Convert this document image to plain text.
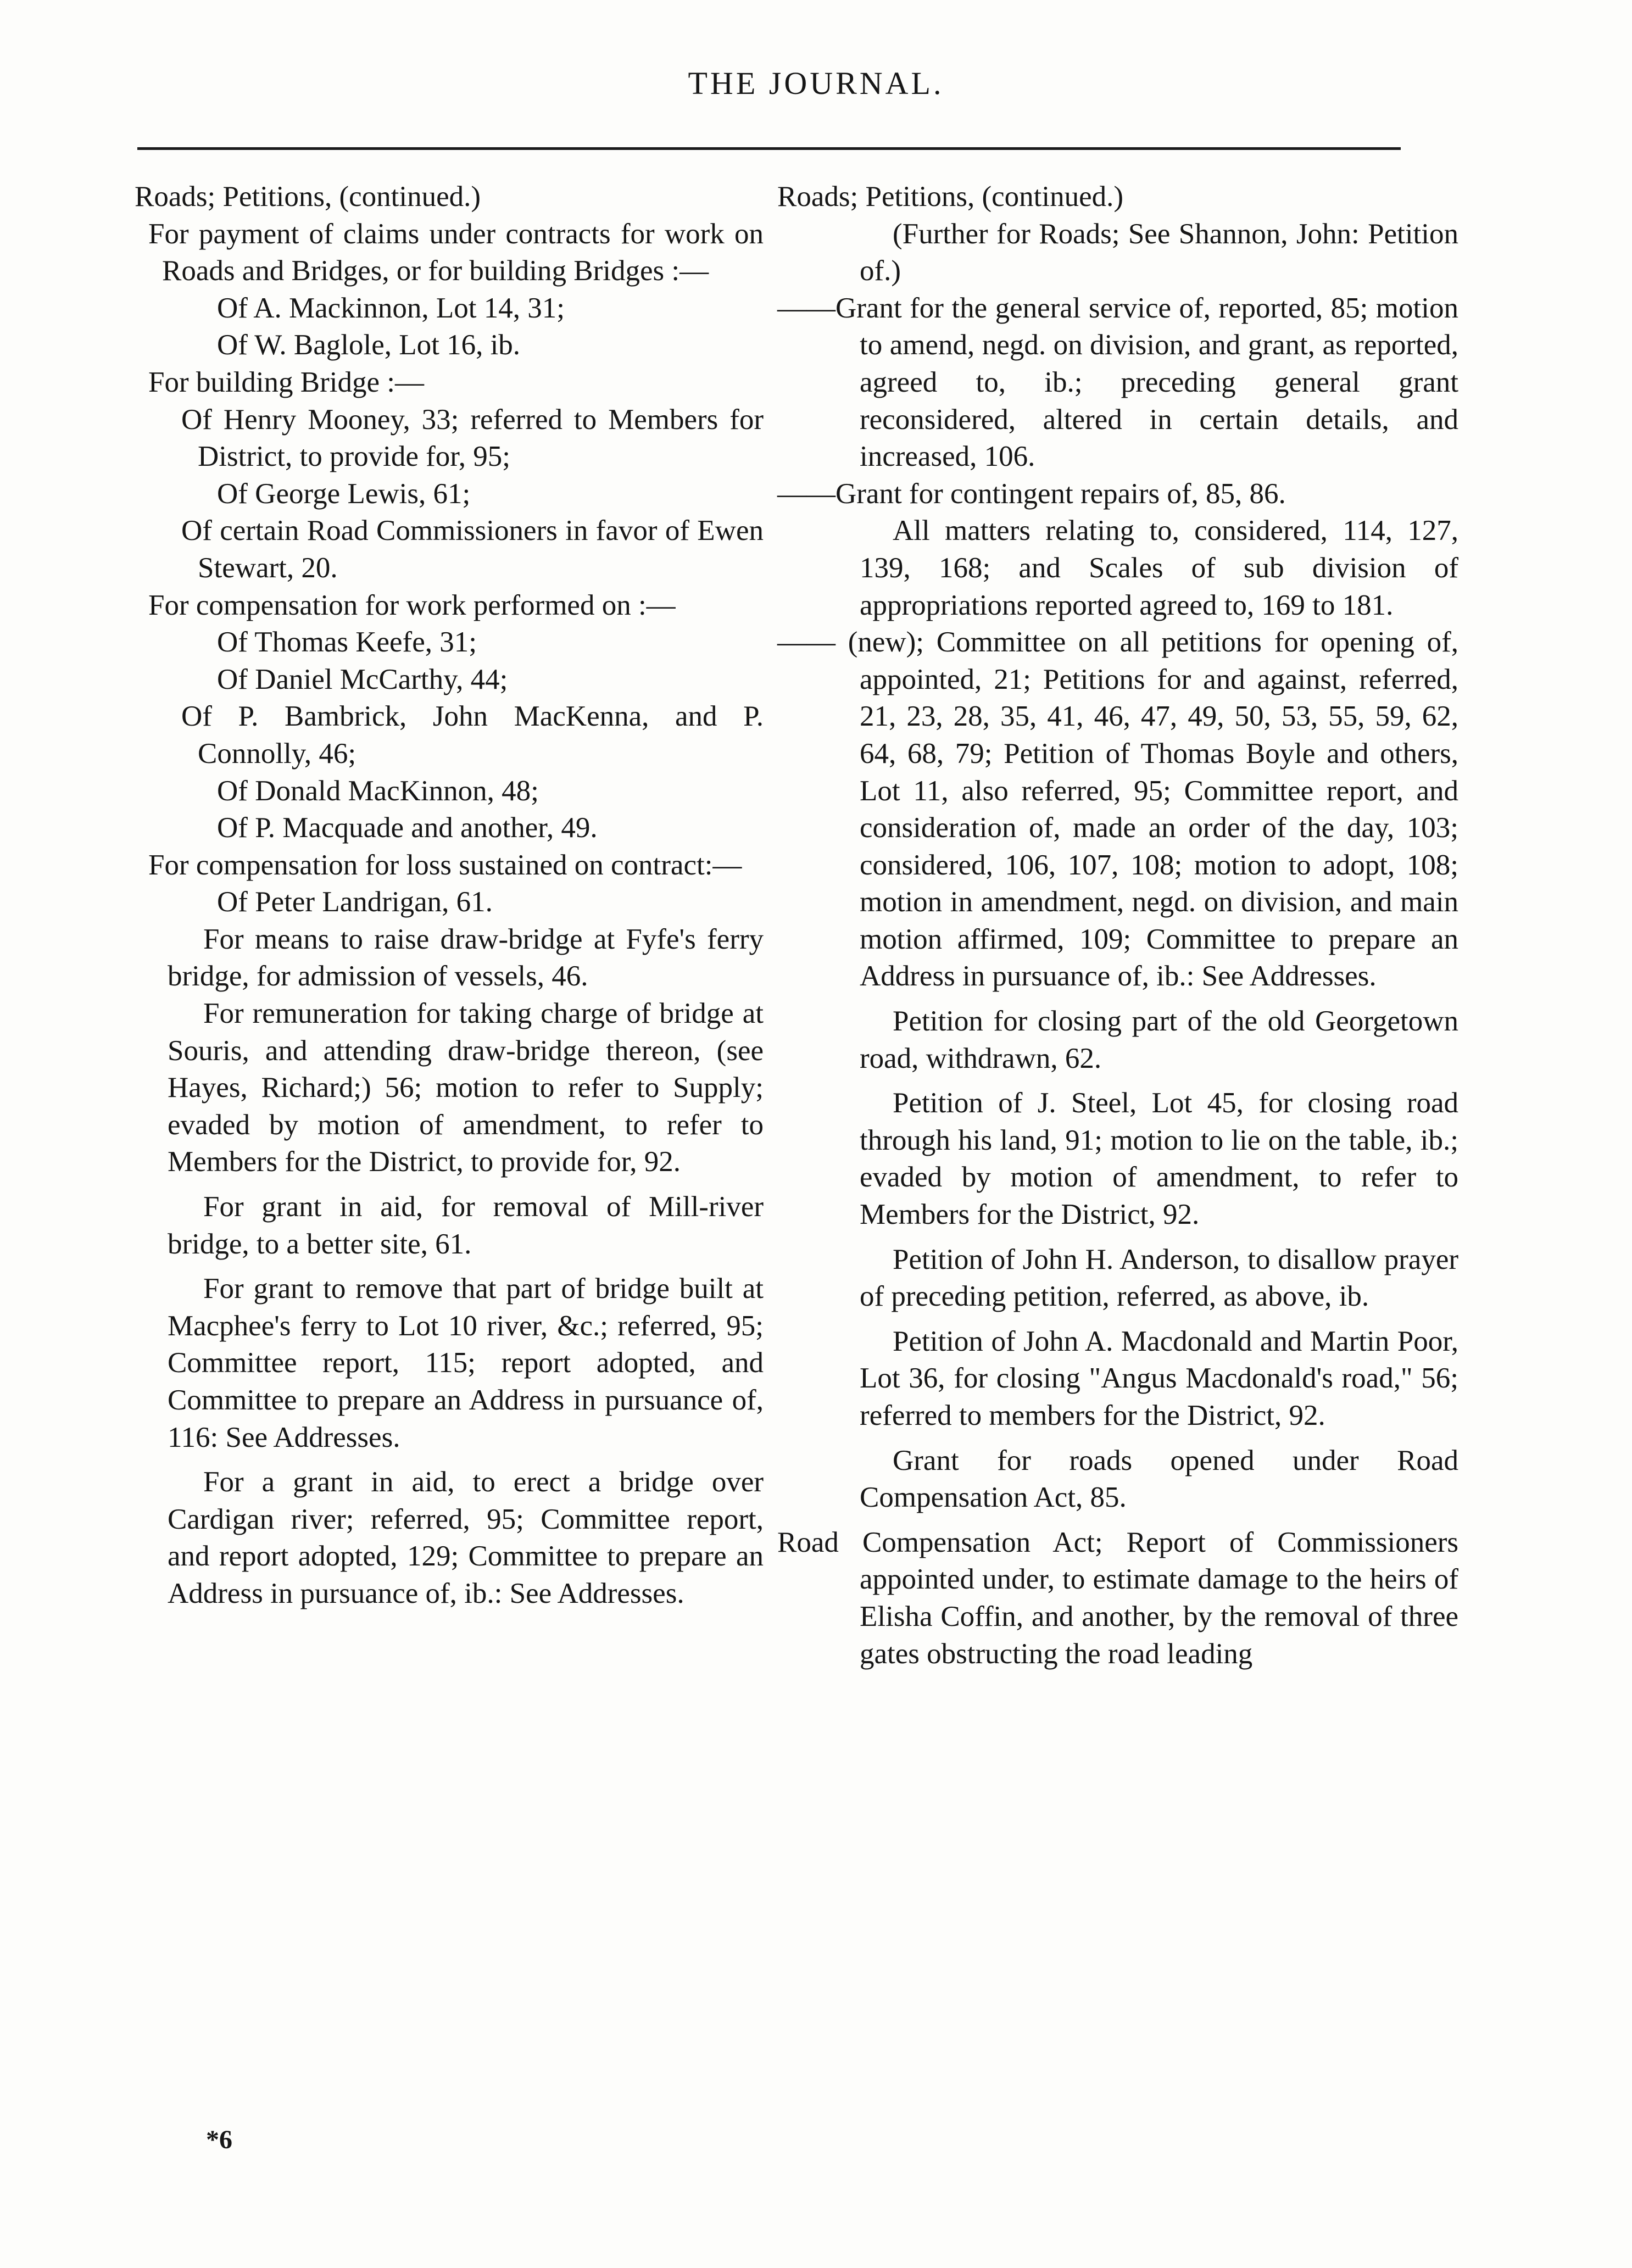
THE JOURNAL.

Roads; Petitions, (continued.)

For payment of claims under contracts for work on Roads and Bridges, or for building Bridges :—

Of A. Mackinnon, Lot 14, 31;

Of W. Baglole, Lot 16, ib.

For building Bridge :—

Of Henry Mooney, 33; referred to Members for District, to provide for, 95;

Of George Lewis, 61;

Of certain Road Commissioners in favor of Ewen Stewart, 20.

For compensation for work performed on :—

Of Thomas Keefe, 31;

Of Daniel McCarthy, 44;

Of P. Bambrick, John MacKenna, and P. Connolly, 46;

Of Donald MacKinnon, 48;

Of P. Macquade and another, 49.

For compensation for loss sustained on contract:—

Of Peter Landrigan, 61.

For means to raise draw-bridge at Fyfe's ferry bridge, for admission of vessels, 46.

For remuneration for taking charge of bridge at Souris, and attending draw-bridge thereon, (see Hayes, Richard;) 56; motion to refer to Supply; evaded by motion of amendment, to refer to Members for the District, to provide for, 92.

For grant in aid, for removal of Mill-river bridge, to a better site, 61.

For grant to remove that part of bridge built at Macphee's ferry to Lot 10 river, &c.; referred, 95; Committee report, 115; report adopted, and Committee to prepare an Address in pursuance of, 116: See Addresses.

For a grant in aid, to erect a bridge over Cardigan river; referred, 95; Committee report, and report adopted, 129; Committee to prepare an Address in pursuance of, ib.: See Addresses.

Roads; Petitions, (continued.)

(Further for Roads; See Shannon, John: Petition of.)

——Grant for the general service of, reported, 85; motion to amend, negd. on division, and grant, as reported, agreed to, ib.; preceding general grant reconsidered, altered in certain details, and increased, 106.

——Grant for contingent repairs of, 85, 86.

All matters relating to, considered, 114, 127, 139, 168; and Scales of sub division of appropriations reported agreed to, 169 to 181.

—— (new); Committee on all petitions for opening of, appointed, 21; Petitions for and against, referred, 21, 23, 28, 35, 41, 46, 47, 49, 50, 53, 55, 59, 62, 64, 68, 79; Petition of Thomas Boyle and others, Lot 11, also referred, 95; Committee report, and consideration of, made an order of the day, 103; considered, 106, 107, 108; motion to adopt, 108; motion in amendment, negd. on division, and main motion affirmed, 109; Committee to prepare an Address in pursuance of, ib.: See Addresses.

Petition for closing part of the old Georgetown road, withdrawn, 62.

Petition of J. Steel, Lot 45, for closing road through his land, 91; motion to lie on the table, ib.; evaded by motion of amendment, to refer to Members for the District, 92.

Petition of John H. Anderson, to disallow prayer of preceding petition, referred, as above, ib.

Petition of John A. Macdonald and Martin Poor, Lot 36, for closing "Angus Macdonald's road," 56; referred to members for the District, 92.

Grant for roads opened under Road Compensation Act, 85.

Road Compensation Act; Report of Commissioners appointed under, to estimate damage to the heirs of Elisha Coffin, and another, by the removal of three gates obstructing the road leading

*6
